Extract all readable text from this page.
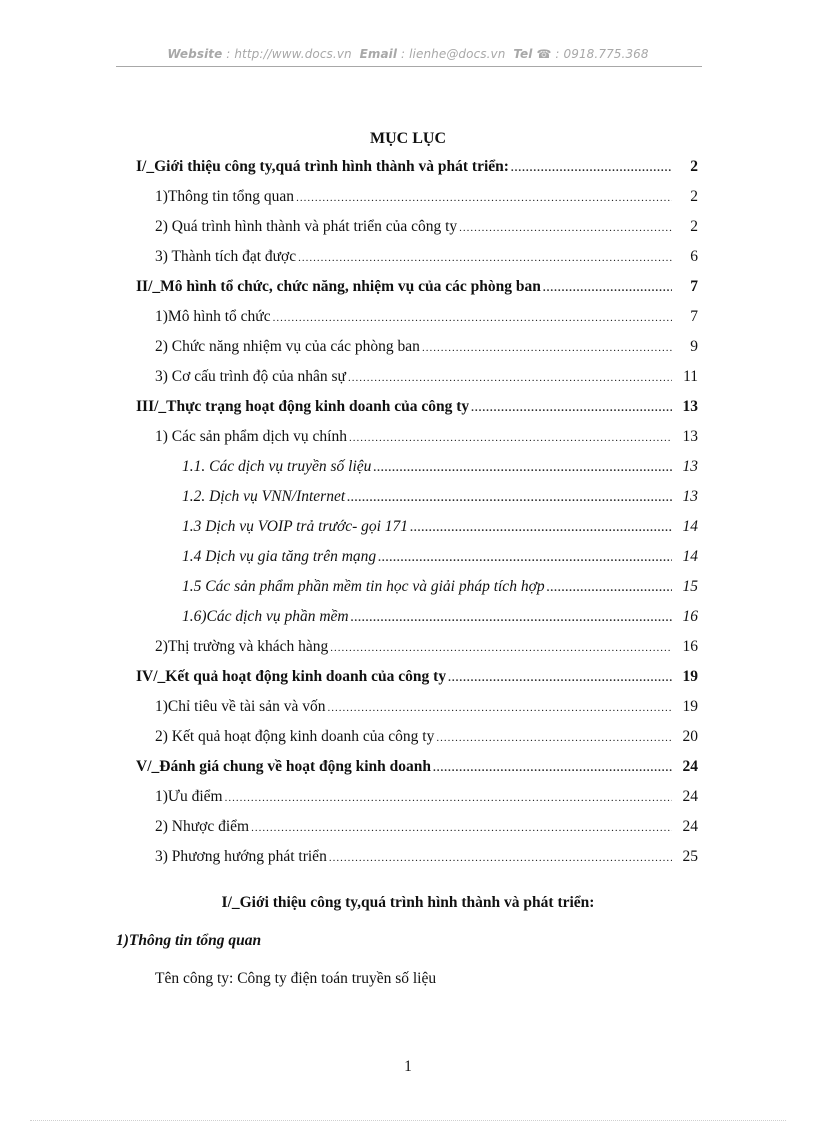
Website : http://www.docs.vn Email : lienhe@docs.vn Tel ☎ : 0918.775.368
MỤC LỤC
I/_Giới thiệu công ty,quá trình hình thành và phát triển: .....	2
1)Thông tin tổng quan .....	2
2) Quá trình hình thành và phát triển của công ty .....	2
3) Thành tích đạt được .....	6
II/_Mô hình tổ chức, chức năng, nhiệm vụ của các phòng ban .....	7
1)Mô hình tổ chức .....	7
2) Chức năng nhiệm vụ của các phòng ban .....	9
3) Cơ cấu trình độ của nhân sự .....	11
III/_Thực trạng hoạt động kinh doanh của công ty .....	13
1) Các sản phẩm dịch vụ chính .....	13
1.1. Các dịch vụ truyền số liệu .....	13
1.2. Dịch vụ VNN/Internet .....	13
1.3 Dịch vụ VOIP trả trước- gọi 171 .....	14
1.4 Dịch vụ gia tăng trên mạng .....	14
1.5 Các sản phẩm phần mềm tin học và giải pháp tích hợp .....	15
1.6)Các dịch vụ phần mềm .....	16
2)Thị trường và khách hàng .....	16
IV/_Kết quả hoạt động kinh doanh của công ty .....	19
1)Chỉ tiêu về tài sản và vốn .....	19
2) Kết quả hoạt động kinh doanh của công ty .....	20
V/_Đánh giá chung về hoạt động kinh doanh .....	24
1)Ưu điểm .....	24
2) Nhược điểm .....	24
3) Phương hướng phát triển .....	25
I/_Giới thiệu công ty,quá trình hình thành và phát triển:
1)Thông tin tổng quan
Tên công ty: Công ty điện toán truyền số liệu
1
